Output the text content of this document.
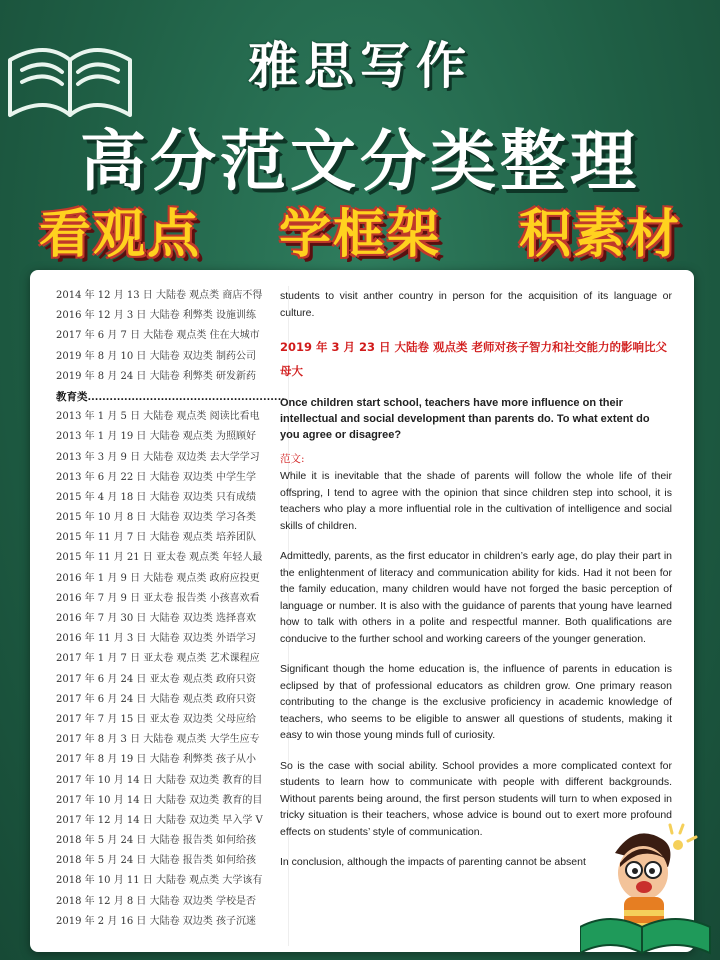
雅思写作
高分范文分类整理
看观点 学框架 积素材
2014 年 12 月 13 日 大陆卷 观点类 商店不得
2016 年 12 月 3 日 大陆卷 利弊类 设施训练
2017 年 6 月 7 日 大陆卷 观点类 住在大城市
2019 年 8 月 10 日 大陆卷 双边类 制药公司
2019 年 8 月 24 日 大陆卷 利弊类 研发新药
教育类......................................................
2013 年 1 月 5 日 大陆卷 观点类 阅读比看电
2013 年 1 月 19 日 大陆卷 观点类 为照顾好
2013 年 3 月 9 日 大陆卷 双边类 去大学学习
2013 年 6 月 22 日 大陆卷 双边类 中学生学
2015 年 4 月 18 日 大陆卷 双边类 只有成绩
2015 年 10 月 8 日 大陆卷 双边类 学习各类
2015 年 11 月 7 日 大陆卷 观点类 培养团队
2015 年 11 月 21 日 亚太卷 观点类 年轻人最
2016 年 1 月 9 日 大陆卷 观点类 政府应投更
2016 年 7 月 9 日 亚太卷 报告类 小孩喜欢看
2016 年 7 月 30 日 大陆卷 双边类 选择喜欢
2016 年 11 月 3 日 大陆卷 双边类 外语学习
2017 年 1 月 7 日 亚太卷 观点类 艺术课程应
2017 年 6 月 24 日 亚太卷 观点类 政府只资
2017 年 6 月 24 日 大陆卷 观点类 政府只资
2017 年 7 月 15 日 亚太卷 双边类 父母应给
2017 年 8 月 3 日 大陆卷 观点类 大学生应专
2017 年 8 月 19 日 大陆卷 利弊类 孩子从小
2017 年 10 月 14 日 大陆卷 双边类 教育的目
2017 年 10 月 14 日 大陆卷 双边类 教育的目
2017 年 12 月 14 日 大陆卷 双边类 早入学 V
2018 年 5 月 24 日 大陆卷 报告类 如何给孩
2018 年 5 月 24 日 大陆卷 报告类 如何给孩
2018 年 10 月 11 日 大陆卷 观点类 大学该有
2018 年 12 月 8 日 大陆卷 双边类 学校是否
2019 年 2 月 16 日 大陆卷 双边类 孩子沉迷

students to visit anther country in person for the acquisition of its language or culture.

2019 年 3 月 23 日 大陆卷 观点类 老师对孩子智力和社交能力的影响比父母大

Once children start school, teachers have more influence on their intellectual and social development than parents do. To what extent do you agree or disagree?

范文:

While it is inevitable that the shade of parents will follow the whole life of their offspring, I tend to agree with the opinion that since children step into school, it is teachers who play a more influential role in the cultivation of intelligence and social skills of children.

Admittedly, parents, as the first educator in children’s early age, do play their part in the enlightenment of literacy and communication ability for kids. Had it not been for the family education, many children would have not forged the basic perception of language or number. It is also with the guidance of parents that young have learned how to talk with others in a polite and respectful manner. Both qualifications are conducive to the further school and working careers of the younger generation.

Significant though the home education is, the influence of parents in education is eclipsed by that of professional educators as children grow. One primary reason contributing to the change is the exclusive proficiency in academic knowledge of teachers, who seems to be eligible to answer all questions of students, making it easy to win those young minds full of curiosity.

So is the case with social ability. School provides a more complicated context for students to learn how to communicate with people with different backgrounds. Without parents being around, the first person students will turn to when exposed in tricky situation is their teachers, whose advice is bound out to exert more profound effects on students’ style of communication.

In conclusion, although the impacts of parenting cannot be absent
